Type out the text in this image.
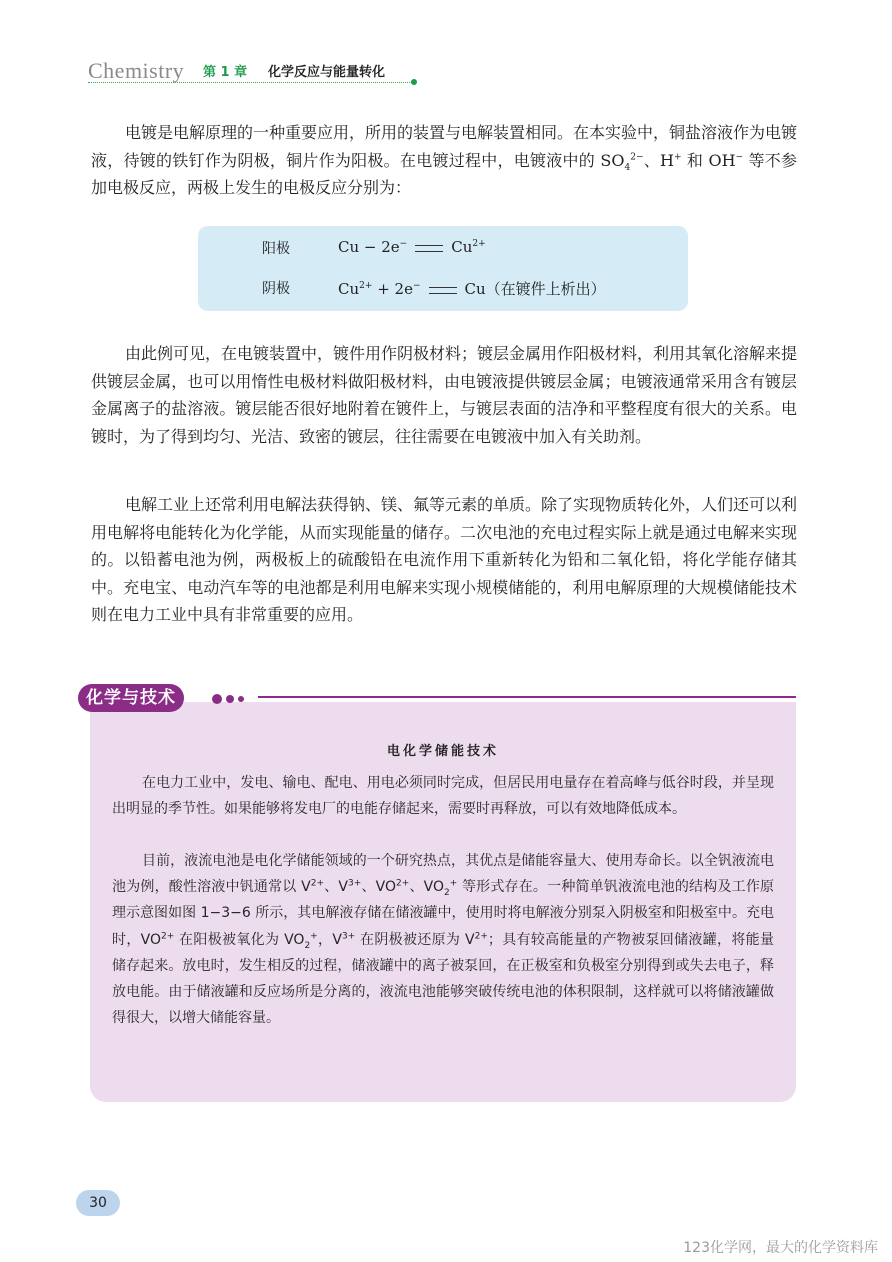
Chemistry 第 1 章 化学反应与能量转化

电镀是电解原理的一种重要应用，所用的装置与电解装置相同。在本实验中，铜盐溶液作为电镀液，待镀的铁钉作为阴极，铜片作为阳极。在电镀过程中，电镀液中的 $SO_4^{2-}$、H+ 和 OH− 等不参加电极反应，两极上发生的电极反应分别为：

阳极	Cu − 2e−	$Cu^{2+}$
阴极	$Cu^{2+} + 2e^-$	Cu（在镀件上析出）

由此例可见，在电镀装置中，镀件用作阴极材料；镀层金属用作阳极材料，利用其氧化溶解来提供镀层金属，也可以用惰性电极材料做阳极材料，由电镀液提供镀层金属；电镀液通常采用含有镀层金属离子的盐溶液。镀层能否很好地附着在镀件上，与镀层表面的洁净和平整程度有很大的关系。电镀时，为了得到均匀、光洁、致密的镀层，往往需要在电镀液中加入有关助剂。

电解工业上还常利用电解法获得钠、镁、氟等元素的单质。除了实现物质转化外，人们还可以利用电解将电能转化为化学能，从而实现能量的储存。二次电池的充电过程实际上就是通过电解来实现的。以铅蓄电池为例，两极板上的硫酸铅在电流作用下重新转化为铅和二氧化铅，将化学能存储其中。充电宝、电动汽车等的电池都是利用电解来实现小规模储能的，利用电解原理的大规模储能技术则在电力工业中具有非常重要的应用。

化学与技术
电化学储能技术

在电力工业中，发电、输电、配电、用电必须同时完成，但居民用电量存在着高峰与低谷时段，并呈现出明显的季节性。如果能够将发电厂的电能存储起来，需要时再释放，可以有效地降低成本。

目前，液流电池是电化学储能领域的一个研究热点，其优点是储能容量大、使用寿命长。以全钒液流电池为例，酸性溶液中钒通常以 $V^{2+}$、$V^{3+}$、$VO^{2+}$、$VO_2^+$ 等形式存在。一种简单钒液流电池的结构及工作原理示意图如图 1−3−6 所示，其电解液存储在储液罐中，使用时将电解液分别泵入阴极室和阳极室中。充电时，$VO^{2+}$ 在阳极被氧化为 $VO_2^+$，$V^{3+}$ 在阴极被还原为 $V^{2+}$；具有较高能量的产物被泵回储液罐，将能量储存起来。放电时，发生相反的过程，储液罐中的离子被泵回，在正极室和负极室分别得到或失去电子，释放电能。由于储液罐和反应场所是分离的，液流电池能够突破传统电池的体积限制，这样就可以将储液罐做得很大，以增大储能容量。

30
123化学网，最大的化学资料库
